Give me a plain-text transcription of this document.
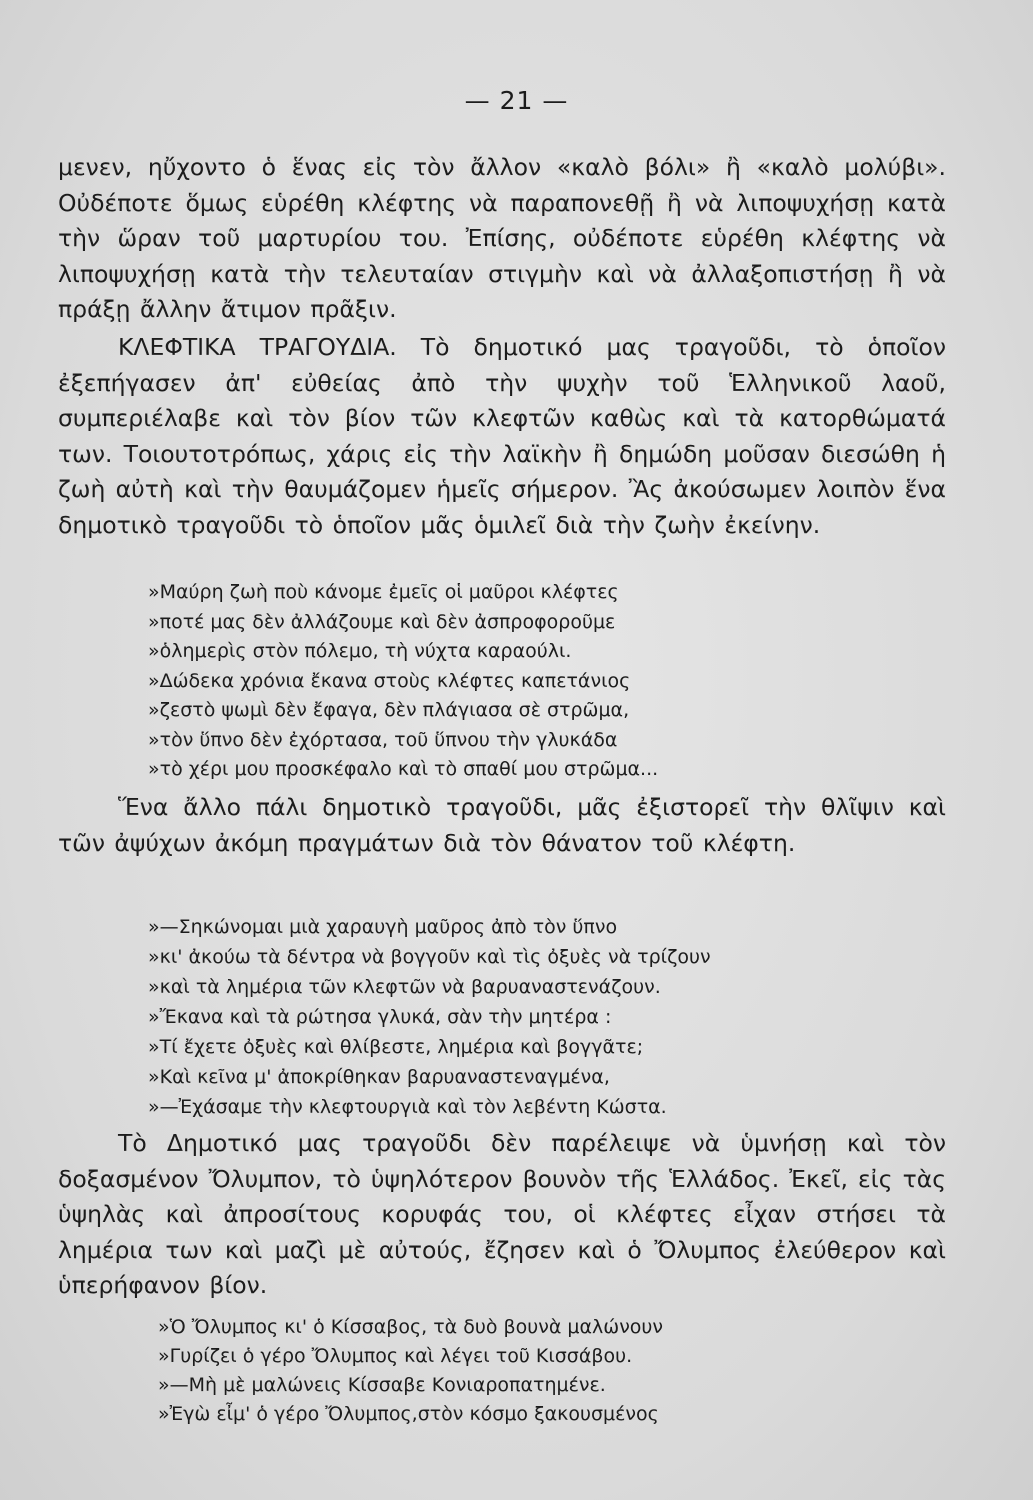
— 21 —

μενεν, ηὔχοντο ὁ ἕνας εἰς τὸν ἄλλον «καλὸ βόλι» ἢ «καλὸ μολύβι». Οὐδέποτε ὅμως εὑρέθη κλέφτης νὰ παραπονεθῇ ἢ νὰ λιποψυχήσῃ κατὰ τὴν ὥραν τοῦ μαρτυρίου του. Ἐπίσης, οὐδέποτε εὑρέθη κλέφτης νὰ λιποψυχήσῃ κατὰ τὴν τελευταίαν στιγμὴν καὶ νὰ ἀλλαξοπιστήσῃ ἢ νὰ πράξῃ ἄλλην ἄτιμον πρᾶξιν.

ΚΛΕΦΤΙΚΑ ΤΡΑΓΟΥΔΙΑ. Τὸ δημοτικό μας τραγοῦδι, τὸ ὁποῖον ἐξεπήγασεν ἀπ' εὐθείας ἀπὸ τὴν ψυχὴν τοῦ Ἑλληνικοῦ λαοῦ, συμπεριέλαβε καὶ τὸν βίον τῶν κλεφτῶν καθὼς καὶ τὰ κατορθώματά των. Τοιουτοτρόπως, χάρις εἰς τὴν λαϊκὴν ἢ δημώδη μοῦσαν διεσώθη ἡ ζωὴ αὐτὴ καὶ τὴν θαυμάζομεν ἡμεῖς σήμερον. Ἂς ἀκούσωμεν λοιπὸν ἕνα δημοτικὸ τραγοῦδι τὸ ὁποῖον μᾶς ὁμιλεῖ διὰ τὴν ζωὴν ἐκείνην.

»Μαύρη ζωὴ ποὺ κάνομε ἐμεῖς οἱ μαῦροι κλέφτες
»ποτέ μας δὲν ἀλλάζουμε καὶ δὲν ἀσπροφοροῦμε
»ὁλημερὶς στὸν πόλεμο, τὴ νύχτα καραούλι.
»Δώδεκα χρόνια ἔκανα στοὺς κλέφτες καπετάνιος
»ζεστὸ ψωμὶ δὲν ἔφαγα, δὲν πλάγιασα σὲ στρῶμα,
»τὸν ὕπνο δὲν ἐχόρτασα, τοῦ ὕπνου τὴν γλυκάδα
»τὸ χέρι μου προσκέφαλο καὶ τὸ σπαθί μου στρῶμα...

Ἕνα ἄλλο πάλι δημοτικὸ τραγοῦδι, μᾶς ἐξιστορεῖ τὴν θλῖψιν καὶ τῶν ἀψύχων ἀκόμη πραγμάτων διὰ τὸν θάνατον τοῦ κλέφτη.

»—Σηκώνομαι μιὰ χαραυγὴ μαῦρος ἀπὸ τὸν ὕπνο
»κι' ἀκούω τὰ δέντρα νὰ βογγοῦν καὶ τὶς ὀξυὲς νὰ τρίζουν
»καὶ τὰ λημέρια τῶν κλεφτῶν νὰ βαρυαναστενάζουν.
»Ἔκανα καὶ τὰ ρώτησα γλυκά, σὰν τὴν μητέρα :
»Τί ἔχετε ὀξυὲς καὶ θλίβεστε, λημέρια καὶ βογγᾶτε;
»Καὶ κεῖνα μ' ἀποκρίθηκαν βαρυαναστεναγμένα,
»—Ἐχάσαμε τὴν κλεφτουργιὰ καὶ τὸν λεβέντη Κώστα.

Τὸ Δημοτικό μας τραγοῦδι δὲν παρέλειψε νὰ ὑμνήσῃ καὶ τὸν δοξασμένον Ὄλυμπον, τὸ ὑψηλότερον βουνὸν τῆς Ἑλλάδος. Ἐκεῖ, εἰς τὰς ὑψηλὰς καὶ ἀπροσίτους κορυφάς του, οἱ κλέφτες εἶχαν στήσει τὰ λημέρια των καὶ μαζὶ μὲ αὐτούς, ἔζησεν καὶ ὁ Ὄλυμπος ἐλεύθερον καὶ ὑπερήφανον βίον.

»Ὁ Ὄλυμπος κι' ὁ Κίσσαβος, τὰ δυὸ βουνὰ μαλώνουν
»Γυρίζει ὁ γέρο Ὄλυμπος καὶ λέγει τοῦ Κισσάβου.
»—Μὴ μὲ μαλώνεις Κίσσαβε Κονιαροπατημένε.
»Ἐγὼ εἶμ' ὁ γέρο Ὄλυμπος,στὸν κόσμο ξακουσμένος
